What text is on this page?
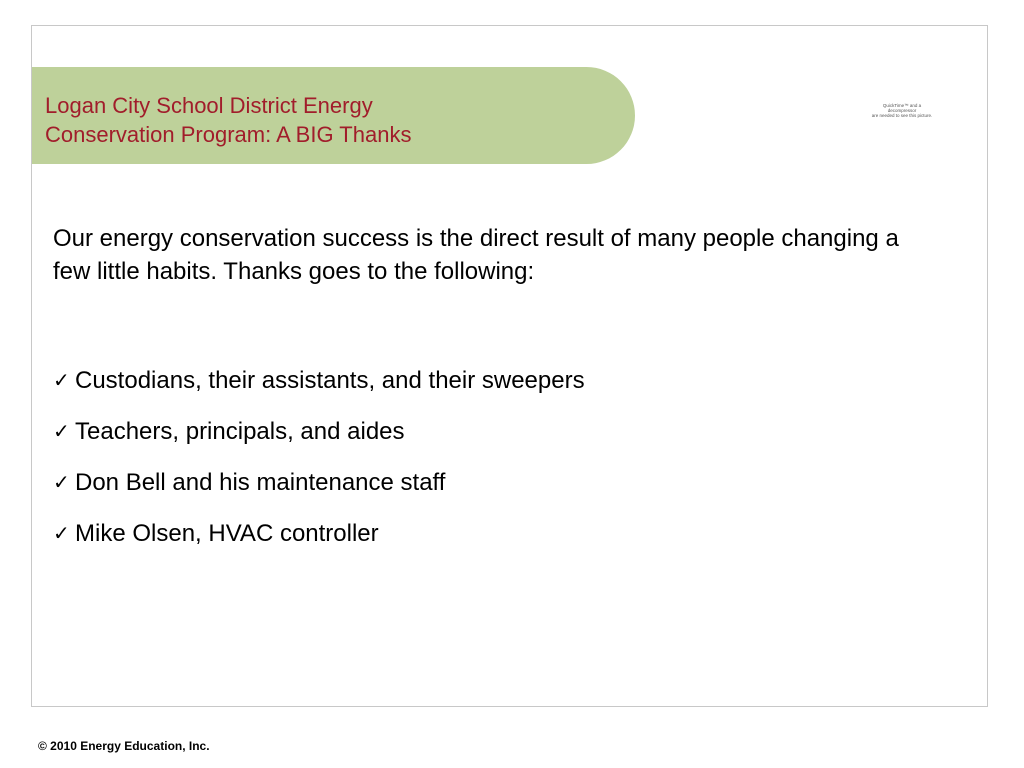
Logan City School District Energy
Conservation Program: A BIG Thanks
QuickTime™ and a
decompressor
are needed to see this picture.

Our energy conservation success is the direct result of many people changing a few little habits. Thanks goes to the following:

✓ Custodians, their assistants, and their sweepers
✓ Teachers, principals, and aides
✓ Don Bell and his maintenance staff
✓ Mike Olsen, HVAC controller
© 2010 Energy Education, Inc.
